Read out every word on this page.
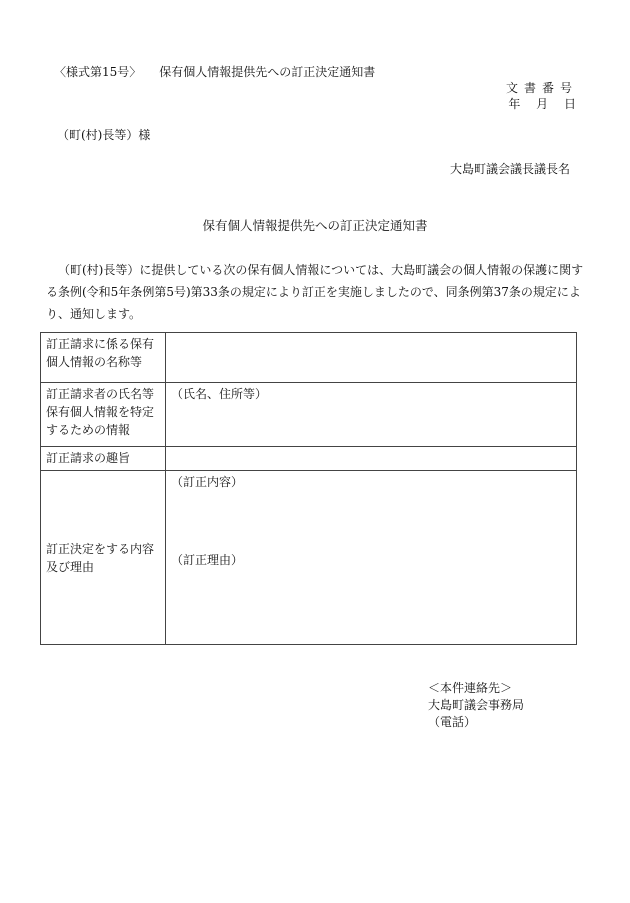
〈様式第15号〉 保有個人情報提供先への訂正決定通知書
文書番号
年 月 日
（町(村)長等）様
大島町議会議長議長名
保有個人情報提供先への訂正決定通知書
（町(村)長等）に提供している次の保有個人情報については、大島町議会の個人情報の保護に関する条例(令和5年条例第5号)第33条の規定により訂正を実施しましたので、同条例第37条の規定により、通知します。
訂正請求に係る保有個人情報の名称等	
訂正請求者の氏名等保有個人情報を特定するための情報	（氏名、住所等）
訂正請求の趣旨	
訂正決定をする内容及び理由	（訂正内容）
（訂正理由）
＜本件連絡先＞
大島町議会事務局
（電話）
